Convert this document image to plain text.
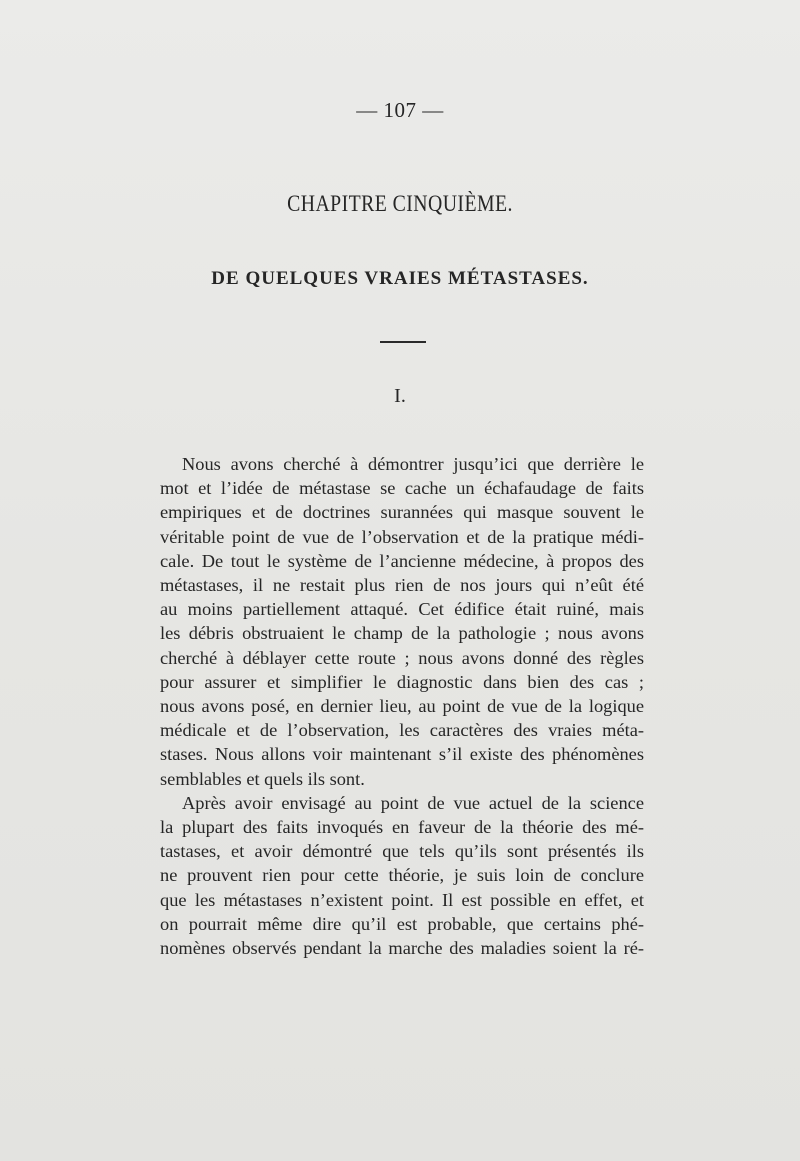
— 107 —
CHAPITRE CINQUIÈME.
DE QUELQUES VRAIES MÉTASTASES.
I.
Nous avons cherché à démontrer jusqu’ici que derrière le
mot et l’idée de métastase se cache un échafaudage de faits
empiriques et de doctrines surannées qui masque souvent le
véritable point de vue de l’observation et de la pratique médi-
cale. De tout le système de l’ancienne médecine, à propos des
métastases, il ne restait plus rien de nos jours qui n’eût été
au moins partiellement attaqué. Cet édifice était ruiné, mais
les débris obstruaient le champ de la pathologie ; nous avons
cherché à déblayer cette route ; nous avons donné des règles
pour assurer et simplifier le diagnostic dans bien des cas ;
nous avons posé, en dernier lieu, au point de vue de la logique
médicale et de l’observation, les caractères des vraies méta-
stases. Nous allons voir maintenant s’il existe des phénomènes
semblables et quels ils sont.
Après avoir envisagé au point de vue actuel de la science
la plupart des faits invoqués en faveur de la théorie des mé-
tastases, et avoir démontré que tels qu’ils sont présentés ils
ne prouvent rien pour cette théorie, je suis loin de conclure
que les métastases n’existent point. Il est possible en effet, et
on pourrait même dire qu’il est probable, que certains phé-
nomènes observés pendant la marche des maladies soient la ré-
